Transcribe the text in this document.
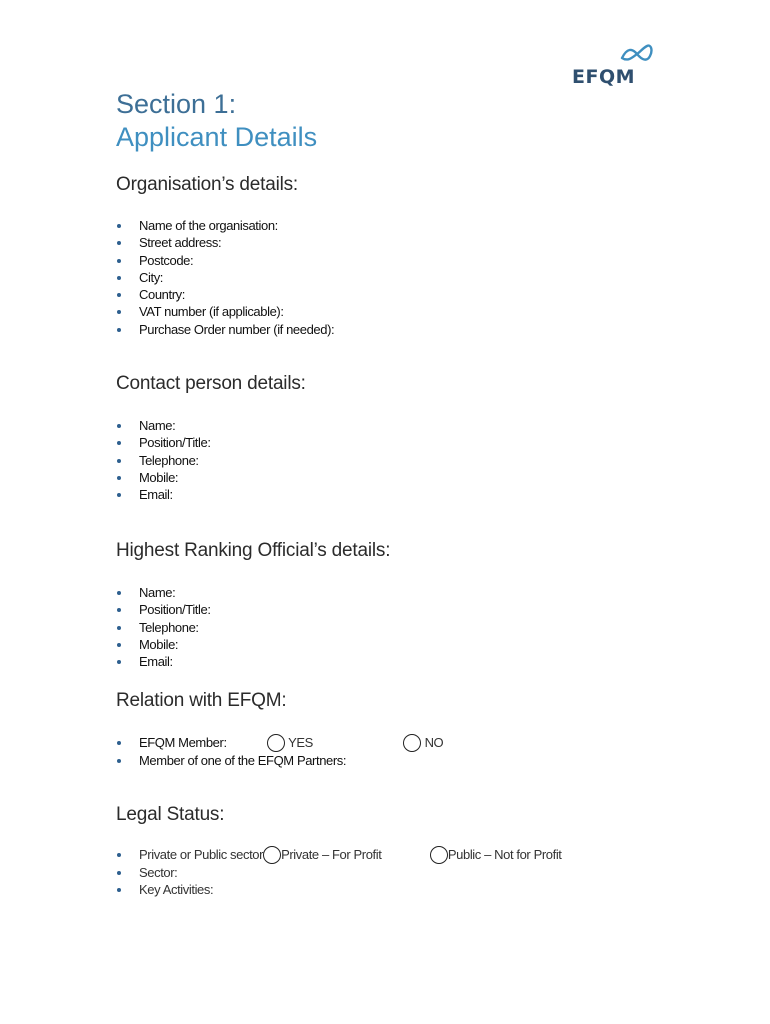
EFQM
Section 1:
Applicant Details
Organisation’s details:
Name of the organisation:
Street address:
Postcode:
City:
Country:
VAT number (if applicable):
Purchase Order number (if needed):
Contact person details:
Name:
Position/Title:
Telephone:
Mobile:
Email:
Highest Ranking Official’s details:
Name:
Position/Title:
Telephone:
Mobile:
Email:
Relation with EFQM:
EFQM Member:	YES	NO
Member of one of the EFQM Partners:
Legal Status:
Private or Public sector Private – For Profit	Public – Not for Profit
Sector:
Key Activities:
